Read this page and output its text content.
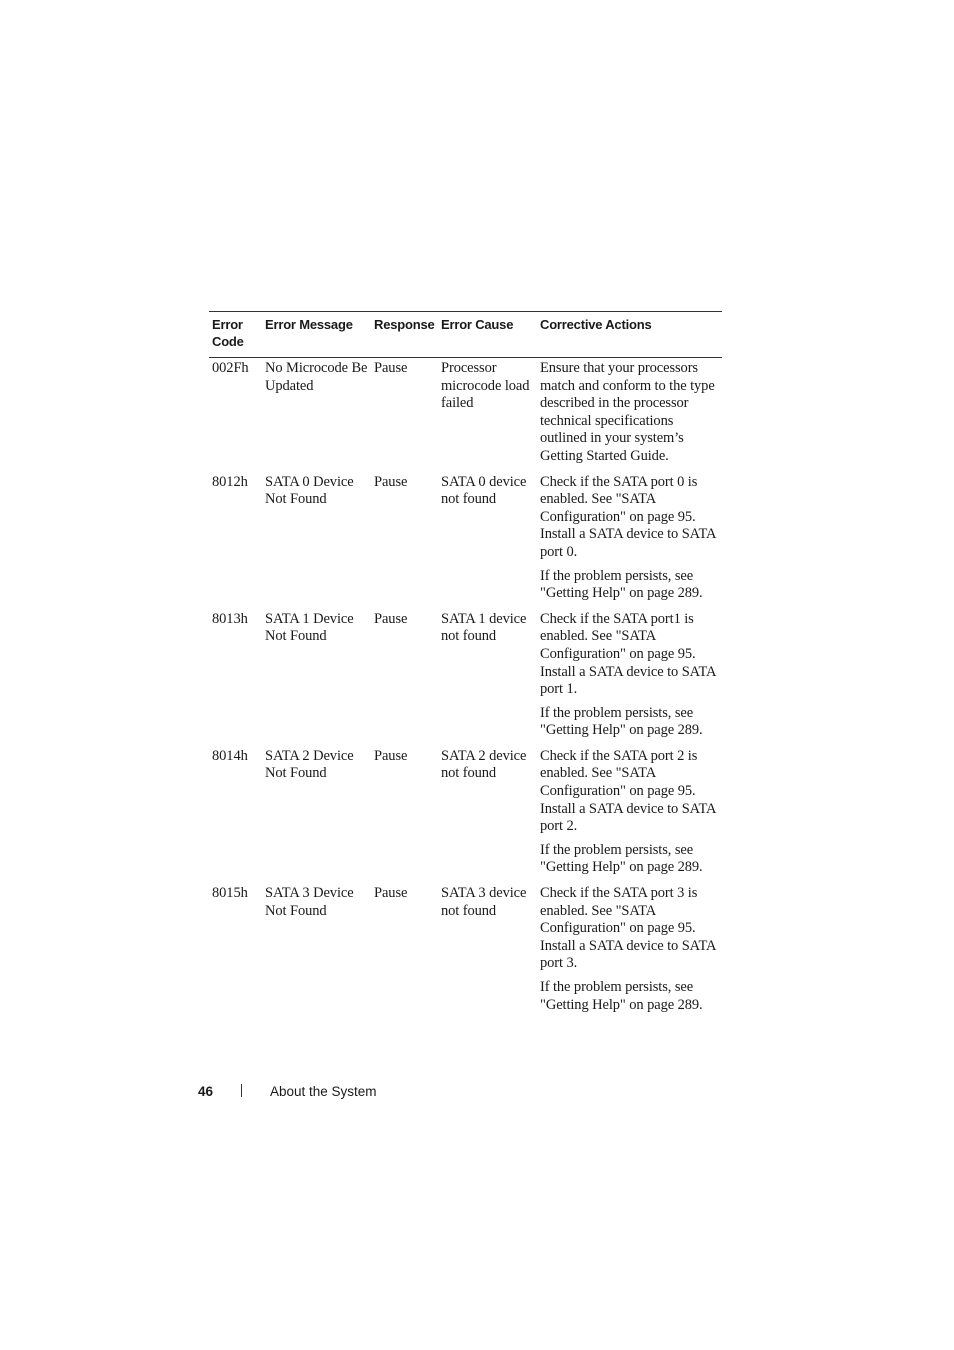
Error Code	Error Message	Response	Error Cause	Corrective Actions
002Fh	No Microcode Be Updated	Pause	Processor microcode load failed	Ensure that your processors match and conform to the type described in the processor technical specifications outlined in your system’s Getting Started Guide.

8012h	SATA 0 Device Not Found	Pause	SATA 0 device not found	Check if the SATA port 0 is enabled. See "SATA Configuration" on page 95. Install a SATA device to SATA port 0.
If the problem persists, see "Getting Help" on page 289.

8013h	SATA 1 Device Not Found	Pause	SATA 1 device not found	Check if the SATA port1 is enabled. See "SATA Configuration" on page 95. Install a SATA device to SATA port 1.
If the problem persists, see "Getting Help" on page 289.

8014h	SATA 2 Device Not Found	Pause	SATA 2 device not found	Check if the SATA port 2 is enabled. See "SATA Configuration" on page 95. Install a SATA device to SATA port 2.
If the problem persists, see "Getting Help" on page 289.

8015h	SATA 3 Device Not Found	Pause	SATA 3 device not found	Check if the SATA port 3 is enabled. See "SATA Configuration" on page 95. Install a SATA device to SATA port 3.
If the problem persists, see "Getting Help" on page 289.
46	About the System
